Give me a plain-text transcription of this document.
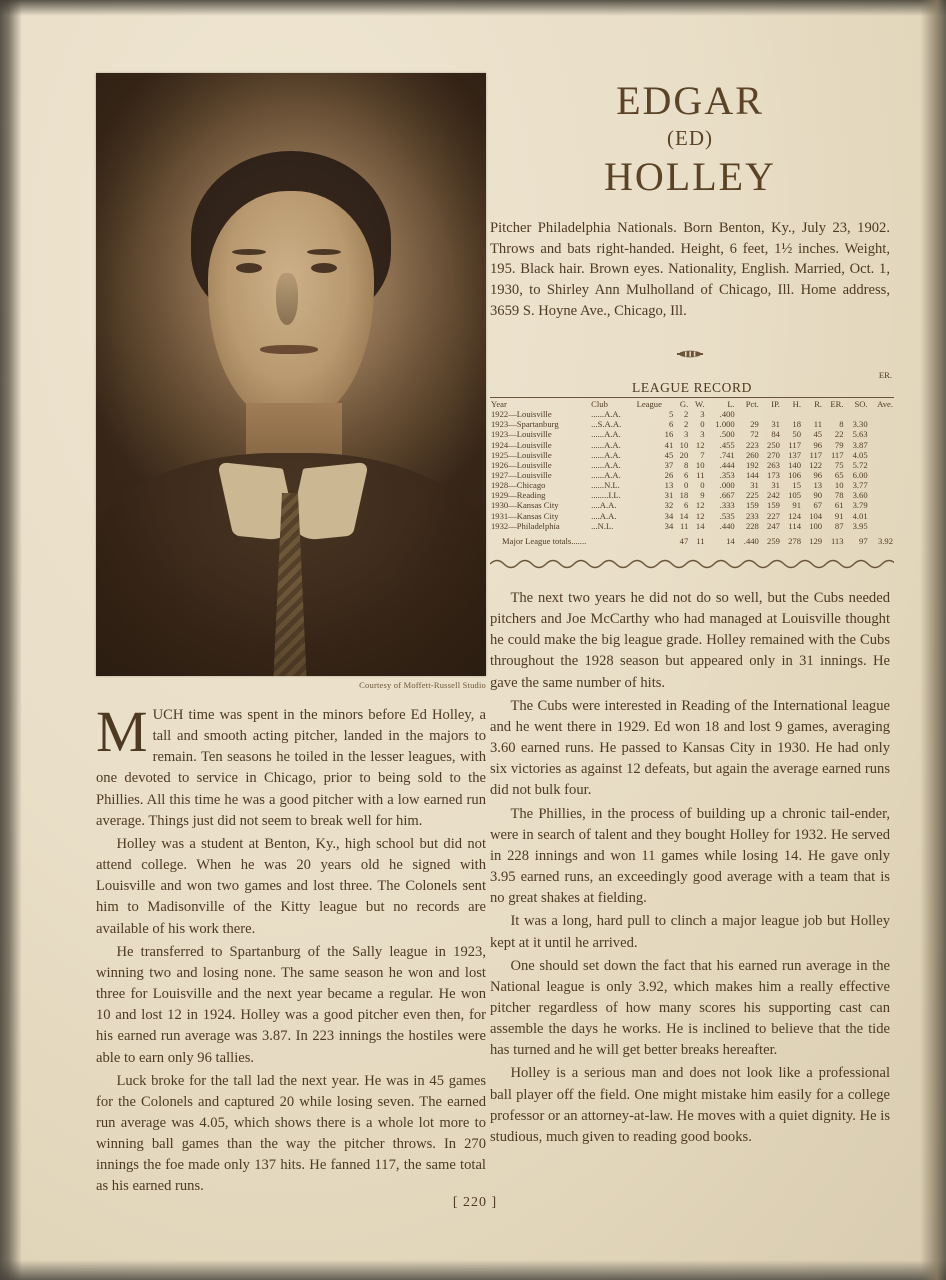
Courtesy of Moffett-Russell Studio
EDGAR
(ED)
HOLLEY
Pitcher Philadelphia Nationals. Born Benton, Ky., July 23, 1902. Throws and bats right-handed. Height, 6 feet, 1½ inches. Weight, 195. Black hair. Brown eyes. Nationality, English. Married, Oct. 1, 1930, to Shirley Ann Mulholland of Chicago, Ill. Home address, 3659 S. Hoyne Ave., Chicago, Ill.
ER.
LEAGUE RECORD
Year	Club	League	G.	W.	L.	Pct.	IP.	H.	R.	ER.	SO.	Ave.
1922—Louisville	......A.A.	5	2	3	.400							
1923—Spartanburg	...S.A.A.	6	2	0	1.000	29	31	18	11	8	3.30	
1923—Louisville	......A.A.	16	3	3	.500	72	84	50	45	22	5.63	
1924—Louisville	......A.A.	41	10	12	.455	223	250	117	96	79	3.87	
1925—Louisville	......A.A.	45	20	7	.741	260	270	137	117	117	4.05	
1926—Louisville	......A.A.	37	8	10	.444	192	263	140	122	75	5.72	
1927—Louisville	......A.A.	26	6	11	.353	144	173	106	96	65	6.00	
1928—Chicago	......N.L.	13	0	0	.000	31	31	15	13	10	3.77	
1929—Reading	........I.L.	31	18	9	.667	225	242	105	90	78	3.60	
1930—Kansas City	....A.A.	32	6	12	.333	159	159	91	67	61	3.79	
1931—Kansas City	....A.A.	34	14	12	.535	233	227	124	104	91	4.01	
1932—Philadelphia	...N.L.	34	11	14	.440	228	247	114	100	87	3.95	
Major League totals.......			47	11	14	.440	259	278	129	113	97	3.92

MUCH time was spent in the minors before Ed Holley, a tall and smooth acting pitcher, landed in the majors to remain. Ten seasons he toiled in the lesser leagues, with one devoted to service in Chicago, prior to being sold to the Phillies. All this time he was a good pitcher with a low earned run average. Things just did not seem to break well for him.

Holley was a student at Benton, Ky., high school but did not attend college. When he was 20 years old he signed with Louisville and won two games and lost three. The Colonels sent him to Madisonville of the Kitty league but no records are available of his work there.

He transferred to Spartanburg of the Sally league in 1923, winning two and losing none. The same season he won and lost three for Louisville and the next year became a regular. He won 10 and lost 12 in 1924. Holley was a good pitcher even then, for his earned run average was 3.87. In 223 innings the hostiles were able to earn only 96 tallies.

Luck broke for the tall lad the next year. He was in 45 games for the Colonels and captured 20 while losing seven. The earned run average was 4.05, which shows there is a whole lot more to winning ball games than the way the pitcher throws. In 270 innings the foe made only 137 hits. He fanned 117, the same total as his earned runs.

The next two years he did not do so well, but the Cubs needed pitchers and Joe McCarthy who had managed at Louisville thought he could make the big league grade. Holley remained with the Cubs throughout the 1928 season but appeared only in 31 innings. He gave the same number of hits.

The Cubs were interested in Reading of the International league and he went there in 1929. Ed won 18 and lost 9 games, averaging 3.60 earned runs. He passed to Kansas City in 1930. He had only six victories as against 12 defeats, but again the average earned runs did not bulk four.

The Phillies, in the process of building up a chronic tail-ender, were in search of talent and they bought Holley for 1932. He served in 228 innings and won 11 games while losing 14. He gave only 3.95 earned runs, an exceedingly good average with a team that is no great shakes at fielding.

It was a long, hard pull to clinch a major league job but Holley kept at it until he arrived.

One should set down the fact that his earned run average in the National league is only 3.92, which makes him a really effective pitcher regardless of how many scores his supporting cast can assemble the days he works. He is inclined to believe that the tide has turned and he will get better breaks hereafter.

Holley is a serious man and does not look like a professional ball player off the field. One might mistake him easily for a college professor or an attorney-at-law. He moves with a quiet dignity. He is studious, much given to reading good books.

[ 220 ]
